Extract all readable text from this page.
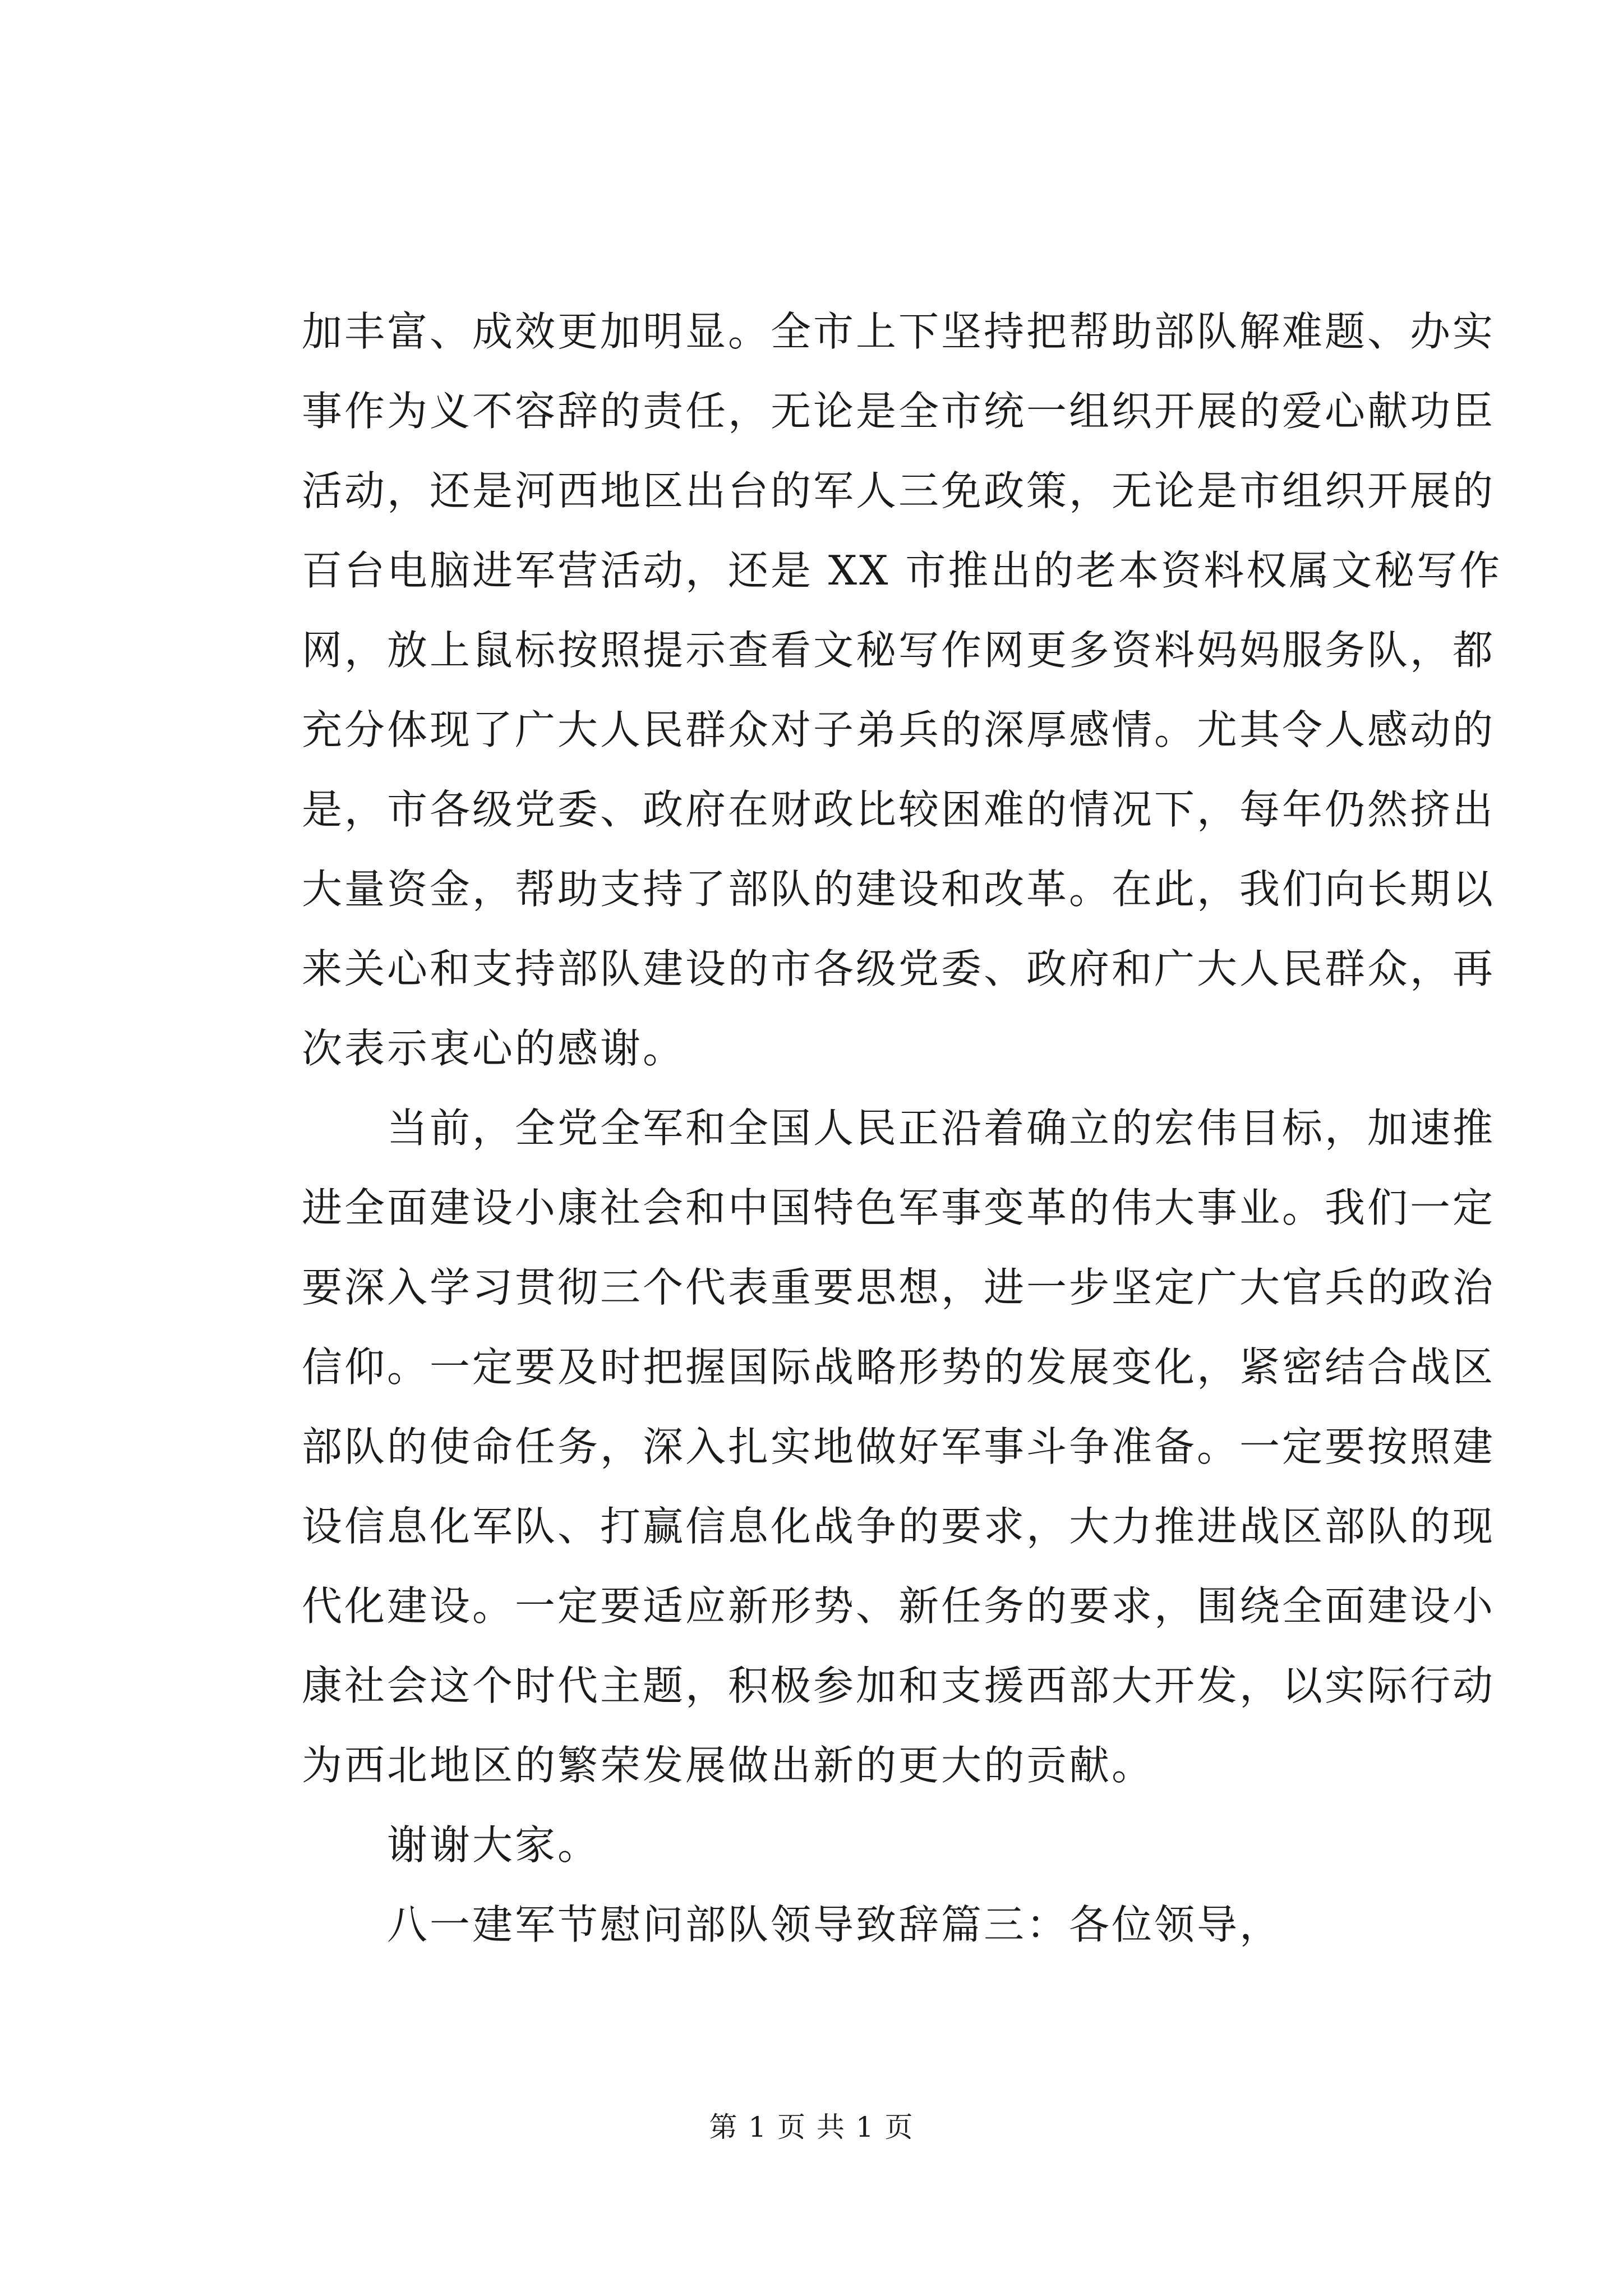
加丰富、成效更加明显。全市上下坚持把帮助部队解难题、办实
事作为义不容辞的责任，无论是全市统一组织开展的爱心献功臣
活动，还是河西地区出台的军人三免政策，无论是市组织开展的
百台电脑进军营活动，还是 XX 市推出的老本资料权属文秘写作
网，放上鼠标按照提示查看文秘写作网更多资料妈妈服务队，都
充分体现了广大人民群众对子弟兵的深厚感情。尤其令人感动的
是，市各级党委、政府在财政比较困难的情况下，每年仍然挤出
大量资金，帮助支持了部队的建设和改革。在此，我们向长期以
来关心和支持部队建设的市各级党委、政府和广大人民群众，再
次表示衷心的感谢。
　　当前，全党全军和全国人民正沿着确立的宏伟目标，加速推
进全面建设小康社会和中国特色军事变革的伟大事业。我们一定
要深入学习贯彻三个代表重要思想，进一步坚定广大官兵的政治
信仰。一定要及时把握国际战略形势的发展变化，紧密结合战区
部队的使命任务，深入扎实地做好军事斗争准备。一定要按照建
设信息化军队、打赢信息化战争的要求，大力推进战区部队的现
代化建设。一定要适应新形势、新任务的要求，围绕全面建设小
康社会这个时代主题，积极参加和支援西部大开发，以实际行动
为西北地区的繁荣发展做出新的更大的贡献。
　　谢谢大家。
　　八一建军节慰问部队领导致辞篇三：各位领导，
第 1 页 共 1 页
